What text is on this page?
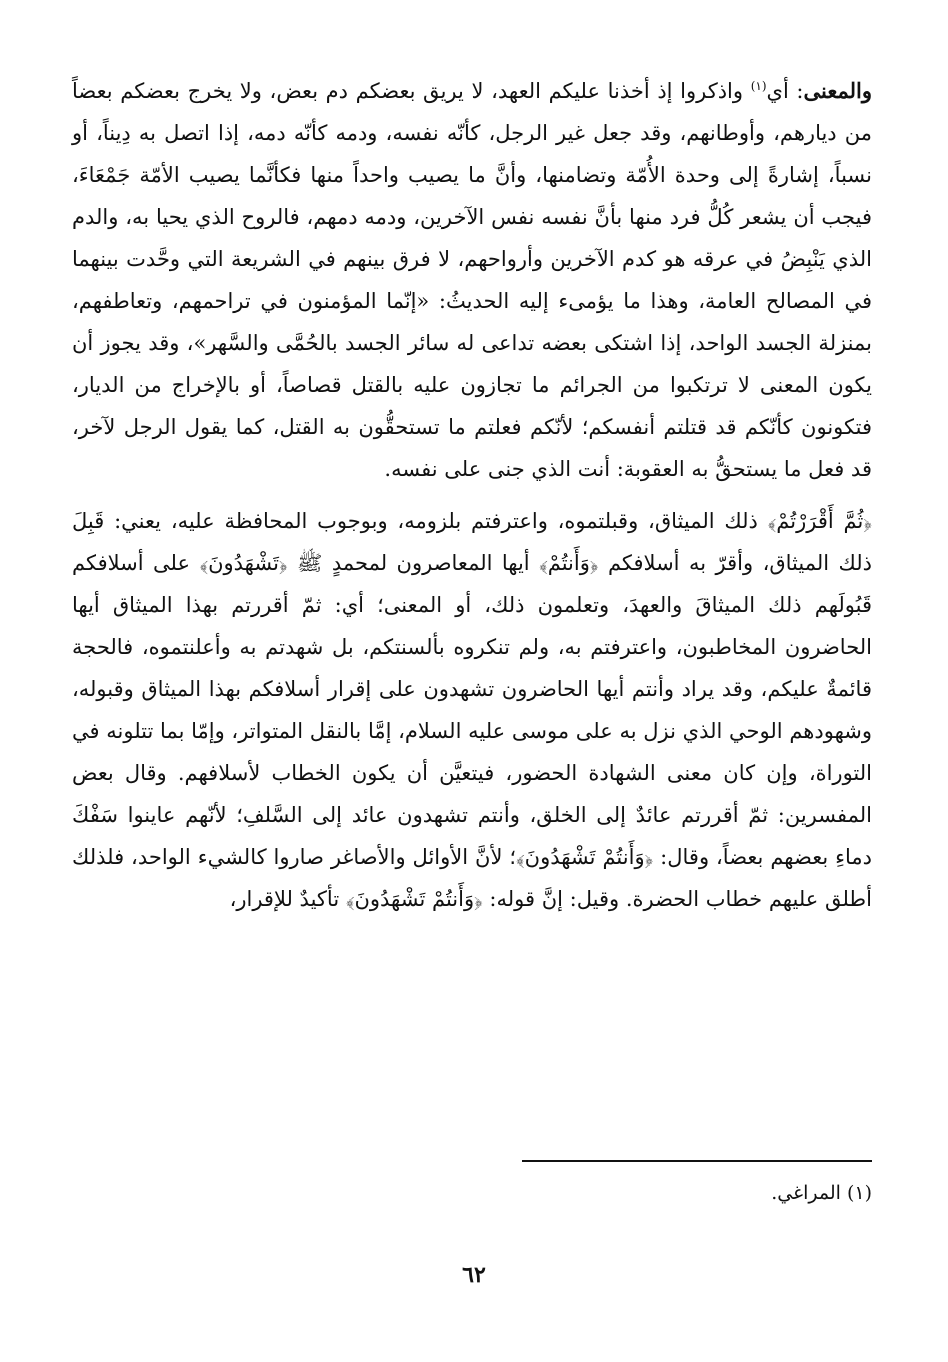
والمعنى: أي$^{(١)}$ واذكروا إذ أخذنا عليكم العهد، لا يريق بعضكم دم بعض، ولا يخرج بعضكم بعضاً من ديارهم، وأوطانهم، وقد جعل غير الرجل، كأنّه نفسه، ودمه كأنّه دمه، إذا اتصل به دِيناً، أو نسباً، إشارةً إلى وحدة الأُمّة وتضامنها، وأنَّ ما يصيب واحداً منها فكأنَّما يصيب الأمّة جَمْعَاءَ، فيجب أن يشعر كُلُّ فرد منها بأنَّ نفسه نفس الآخرين، ودمه دمهم، فالروح الذي يحيا به، والدم الذي يَنْبِضُ في عرقه هو كدم الآخرين وأرواحهم، لا فرق بينهم في الشريعة التي وحَّدت بينهما في المصالح العامة، وهذا ما يؤمىء إليه الحديثُ: «إنّما المؤمنون في تراحمهم، وتعاطفهم، بمنزلة الجسد الواحد، إذا اشتكى بعضه تداعى له سائر الجسد بالحُمَّى والسَّهر»، وقد يجوز أن يكون المعنى لا ترتكبوا من الجرائم ما تجازون عليه بالقتل قصاصاً، أو بالإخراج من الديار، فتكونون كأنّكم قد قتلتم أنفسكم؛ لأنّكم فعلتم ما تستحقُّون به القتل، كما يقول الرجل لآخر، قد فعل ما يستحقُّ به العقوبة: أنت الذي جنى على نفسه.

﴿ثُمَّ أَقْرَرْتُمْ﴾ ذلك الميثاق، وقبلتموه، واعترفتم بلزومه، وبوجوب المحافظة عليه، يعني: قَبِلَ ذلك الميثاق، وأقرّ به أسلافكم ﴿وَأَنتُمْ﴾ أيها المعاصرون لمحمدٍ ﷺ ﴿تَشْهَدُونَ﴾ على أسلافكم قَبُولَهم ذلك الميثاقَ والعهدَ، وتعلمون ذلك، أو المعنى؛ أي: ثمّ أقررتم بهذا الميثاق أيها الحاضرون المخاطبون، واعترفتم به، ولم تنكروه بألسنتكم، بل شهدتم به وأعلنتموه، فالحجة قائمةٌ عليكم، وقد يراد وأنتم أيها الحاضرون تشهدون على إقرار أسلافكم بهذا الميثاق وقبوله، وشهودهم الوحي الذي نزل به على موسى عليه السلام، إمَّا بالنقل المتواتر، وإمّا بما تتلونه في التوراة، وإن كان معنى الشهادة الحضور، فيتعيَّن أن يكون الخطاب لأسلافهم. وقال بعض المفسرين: ثمّ أقررتم عائدٌ إلى الخلق، وأنتم تشهدون عائد إلى السَّلفِ؛ لأنّهم عاينوا سَفْكَ دماءِ بعضهم بعضاً، وقال: ﴿وَأَنتُمْ تَشْهَدُونَ﴾؛ لأنَّ الأوائل والأصاغر صاروا كالشيء الواحد، فلذلك أطلق عليهم خطاب الحضرة. وقيل: إنَّ قوله: ﴿وَأَنتُمْ تَشْهَدُونَ﴾ تأكيدٌ للإقرار،

(١) المراغي.

٦٢
